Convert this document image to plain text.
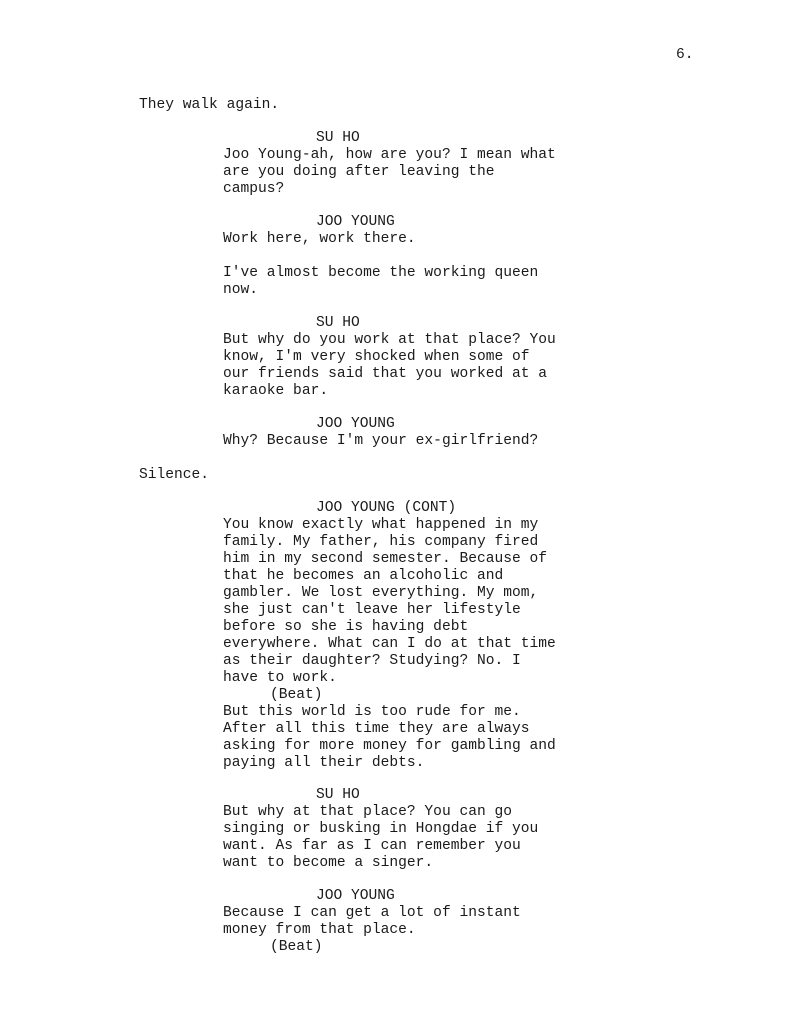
6.
They walk again.
SU HO
Joo Young-ah, how are you? I mean what
are you doing after leaving the
campus?
JOO YOUNG
Work here, work there.
I've almost become the working queen
now.
SU HO
But why do you work at that place? You
know, I'm very shocked when some of
our friends said that you worked at a
karaoke bar.
JOO YOUNG
Why? Because I'm your ex-girlfriend?
Silence.
JOO YOUNG (CONT)
You know exactly what happened in my
family. My father, his company fired
him in my second semester. Because of
that he becomes an alcoholic and
gambler. We lost everything. My mom,
she just can't leave her lifestyle
before so she is having debt
everywhere. What can I do at that time
as their daughter? Studying? No. I
have to work.
(Beat)
But this world is too rude for me.
After all this time they are always
asking for more money for gambling and
paying all their debts.
SU HO
But why at that place? You can go
singing or busking in Hongdae if you
want. As far as I can remember you
want to become a singer.
JOO YOUNG
Because I can get a lot of instant
money from that place.
(Beat)
